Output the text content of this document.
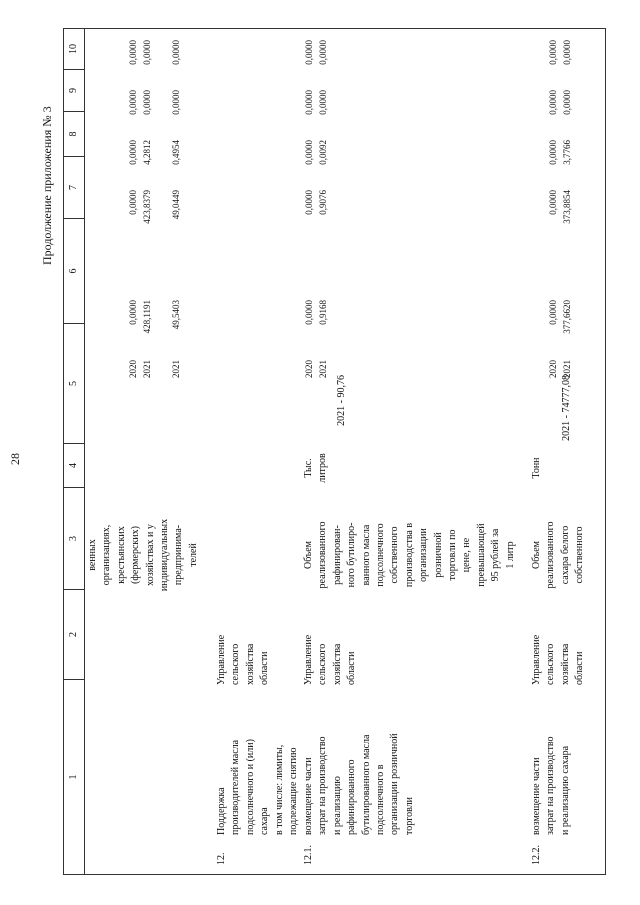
28
Продолжение приложения № 3
1
2
3
4
5
6
7
8
9
10
венных
организациях,
крестьянских
(фермерских)
хозяйствах и у
индивидуальных
предпринима-
телей
2020 2021 2021
0,0000 428,1191 49,5403
0,0000 423,8379 49,0449
0,0000 4,2812 0,4954
0,0000 0,0000 0,0000
0,0000 0,0000 0,0000
12.
Поддержка
производителей масла
подсолнечного и (или)
сахара
в том числе: лимиты,
подлежащие снятию
Управление
сельского
хозяйства
области
12.1.
возмещение части
затрат на производство
и реализацию
рафинированного
бутилированного масла
подсолнечного в
организации розничной
торговли
Управление
сельского
хозяйства
области
Объем
реализованного
рафинирован-
ного бутилиро-
ванного масла
подсолнечного
собственного
производства в
организации
розничной
торговли по
цене, не
превышающей
95 рублей за
1 литр
Тыс.
литров
2021 - 90,76
2020 2021
0,0000 0,9168
0,0000 0,9076
0,0000 0,0092
0,0000 0,0000
0,0000 0,0000
12.2.
возмещение части
затрат на производство
и реализацию сахара
Управление
сельского
хозяйства
области
Объем
реализованного
сахара белого
собственного
Тонн
2021 - 74777,08
2020 2021
0,0000 377,6620
0,0000 373,8854
0,0000 3,7766
0,0000 0,0000
0,0000 0,0000
